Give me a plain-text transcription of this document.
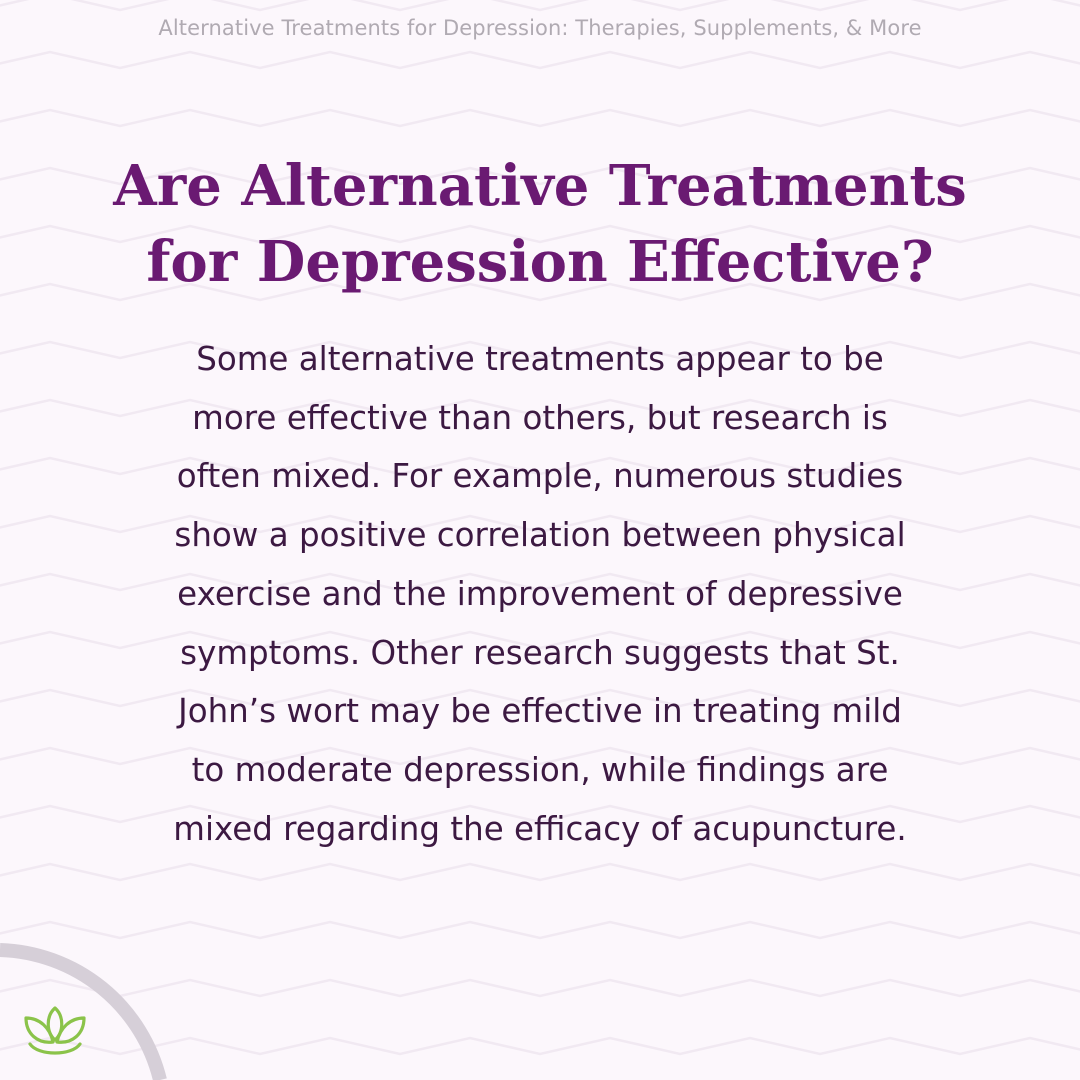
Alternative Treatments for Depression: Therapies, Supplements, & More
Are Alternative Treatments
for Depression Effective?
Some alternative treatments appear to be
more effective than others, but research is
often mixed. For example, numerous studies
show a positive correlation between physical
exercise and the improvement of depressive
symptoms. Other research suggests that St.
John’s wort may be effective in treating mild
to moderate depression, while findings are
mixed regarding the efficacy of acupuncture.
